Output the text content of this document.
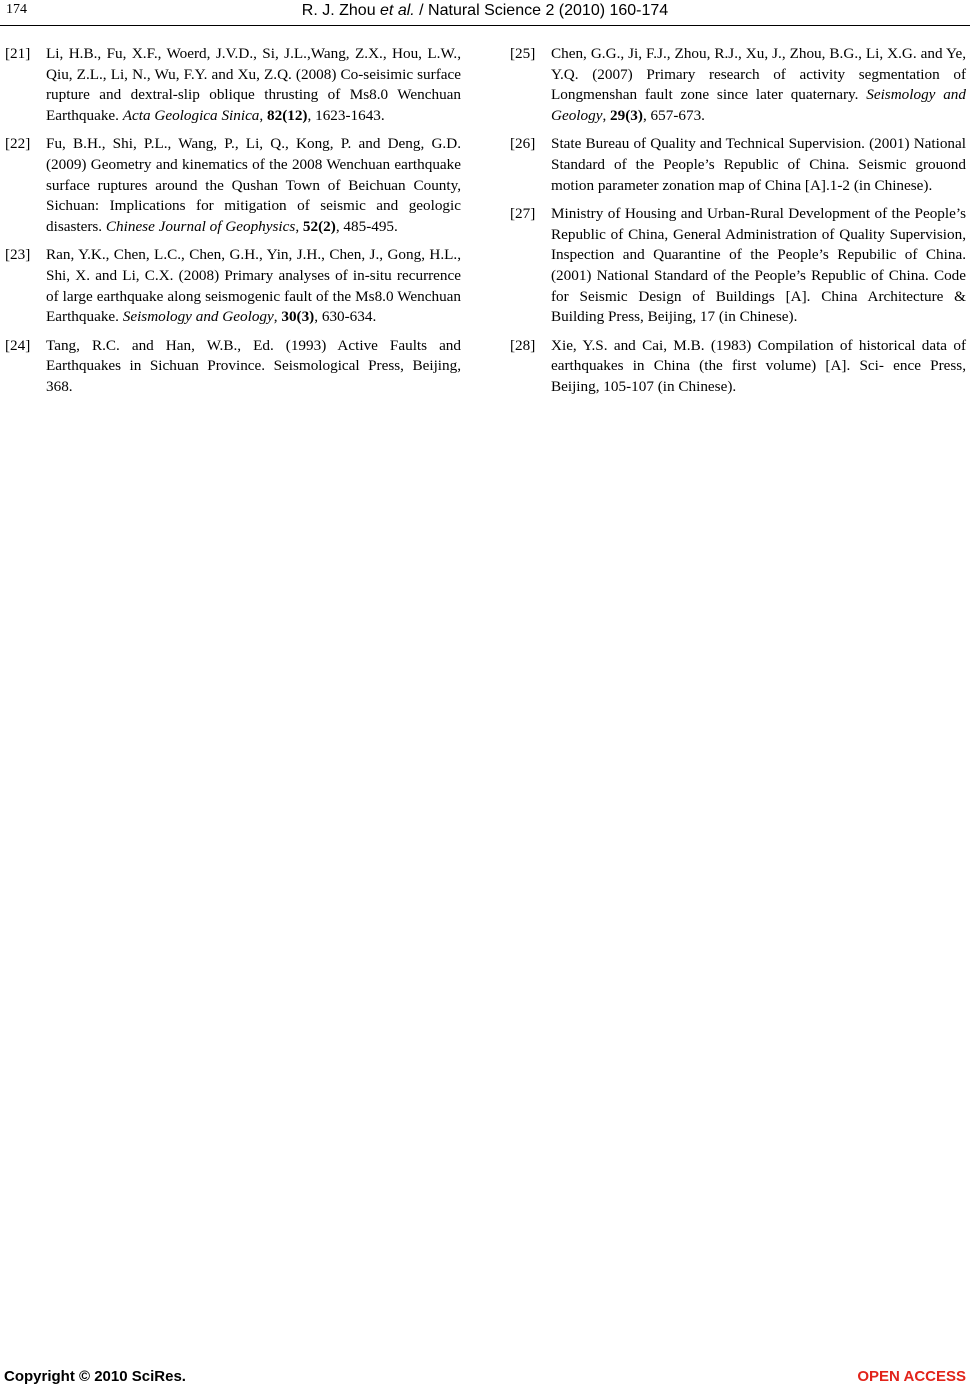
174	R. J. Zhou et al. / Natural Science 2 (2010) 160-174
[21] Li, H.B., Fu, X.F., Woerd, J.V.D., Si, J.L.,Wang, Z.X., Hou, L.W., Qiu, Z.L., Li, N., Wu, F.Y. and Xu, Z.Q. (2008) Co-seisimic surface rupture and dextral-slip oblique thrusting of Ms8.0 Wenchuan Earthquake. Acta Geologica Sinica, 82(12), 1623-1643.
[22] Fu, B.H., Shi, P.L., Wang, P., Li, Q., Kong, P. and Deng, G.D. (2009) Geometry and kinematics of the 2008 Wenchuan earthquake surface ruptures around the Qushan Town of Beichuan County, Sichuan: Implications for mitigation of seismic and geologic disasters. Chinese Journal of Geophysics, 52(2), 485-495.
[23] Ran, Y.K., Chen, L.C., Chen, G.H., Yin, J.H., Chen, J., Gong, H.L., Shi, X. and Li, C.X. (2008) Primary analyses of in-situ recurrence of large earthquake along seismogenic fault of the Ms8.0 Wenchuan Earthquake. Seismology and Geology, 30(3), 630-634.
[24] Tang, R.C. and Han, W.B., Ed. (1993) Active Faults and Earthquakes in Sichuan Province. Seismological Press, Beijing, 368.
[25] Chen, G.G., Ji, F.J., Zhou, R.J., Xu, J., Zhou, B.G., Li, X.G. and Ye, Y.Q. (2007) Primary research of activity segmentation of Longmenshan fault zone since later quaternary. Seismology and Geology, 29(3), 657-673.
[26] State Bureau of Quality and Technical Supervision. (2001) National Standard of the People’s Republic of China. Seismic grouond motion parameter zonation map of China [A].1-2 (in Chinese).
[27] Ministry of Housing and Urban-Rural Development of the People’s Republic of China, General Administration of Quality Supervision, Inspection and Quarantine of the People’s Repubilic of China. (2001) National Standard of the People’s Republic of China. Code for Seismic Design of Buildings [A]. China Architecture & Building Press, Beijing, 17 (in Chinese).
[28] Xie, Y.S. and Cai, M.B. (1983) Compilation of historical data of earthquakes in China (the first volume) [A]. Sci- ence Press, Beijing, 105-107 (in Chinese).
Copyright © 2010 SciRes.	OPEN ACCESS
